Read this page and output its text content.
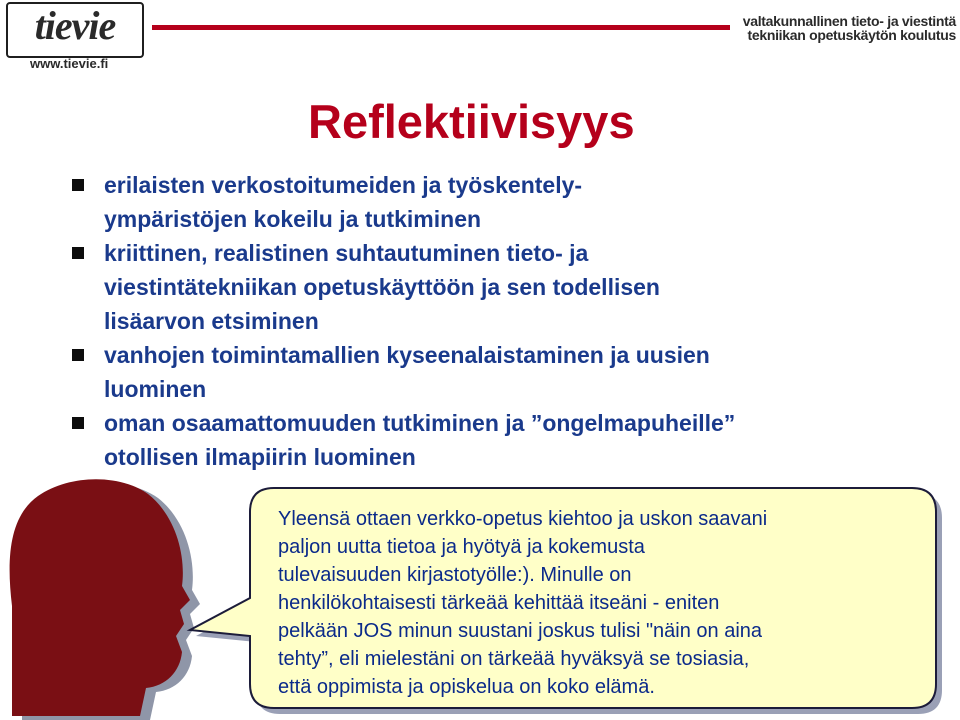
tievie
www.tievie.fi
valtakunnallinen tieto- ja viestintä
tekniikan opetuskäytön koulutus
Reflektiivisyys
erilaisten verkostoitumeiden ja työskentely-
ympäristöjen kokeilu ja tutkiminen
kriittinen, realistinen suhtautuminen tieto- ja
viestintätekniikan opetuskäyttöön ja sen todellisen
lisäarvon etsiminen
vanhojen toimintamallien kyseenalaistaminen ja uusien
luominen
oman osaamattomuuden tutkiminen ja ”ongelmapuheille”
otollisen ilmapiirin luominen
Yleensä ottaen verkko-opetus kiehtoo ja uskon saavani
paljon uutta tietoa ja hyötyä ja kokemusta
tulevaisuuden kirjastotyölle:). Minulle on
henkilökohtaisesti tärkeää kehittää itseäni - eniten
pelkään JOS minun suustani joskus tulisi "näin on aina
tehty”, eli mielestäni on tärkeää hyväksyä se tosiasia,
että oppimista ja opiskelua on koko elämä.
